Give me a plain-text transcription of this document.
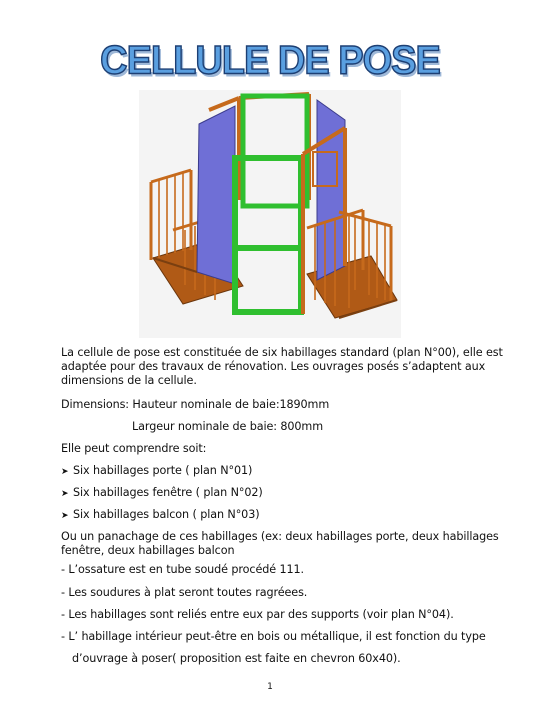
CELLULE DE POSE
La cellule de pose est constituée de six habillages standard (plan N°00), elle est adaptée pour des travaux de rénovation. Les ouvrages posés s’adaptent aux dimensions de la cellule.
Dimensions: Hauteur nominale de baie:1890mm
Largeur nominale de baie: 800mm
Elle peut comprendre soit:
➤ Six habillages porte ( plan N°01)
➤ Six habillages fenêtre ( plan N°02)
➤ Six habillages balcon ( plan N°03)
Ou un panachage de ces habillages (ex: deux habillages porte, deux habillages fenêtre, deux habillages balcon
- L’ossature est en tube soudé procédé 111.
- Les soudures à plat seront toutes ragréees.
- Les habillages sont reliés entre eux par des supports (voir plan N°04).
- L’ habillage intérieur peut-être en bois ou métallique, il est fonction du type
d’ouvrage à poser( proposition est faite en chevron 60x40).
1
